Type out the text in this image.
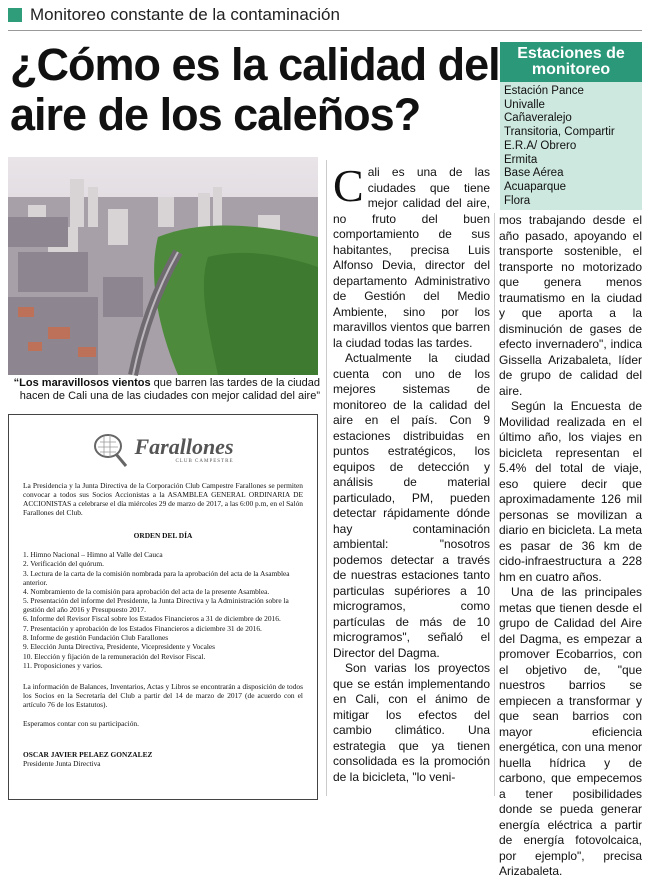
Monitoreo constante de la contaminación
¿Cómo es la calidad del aire de los caleños?
Estaciones de monitoreo
Estación Pance
Univalle
Cañaveralejo
Transitoria, Compartir
E.R.A/ Obrero
Ermita
Base Aérea
Acuaparque
Flora

“Los maravillosos vientos que barren las tardes de la ciudad hacen de Cali una de las ciudades con mejor calidad del aire”

Farallones
CLUB CAMPESTRE

La Presidencia y la Junta Directiva de la Corporación Club Campestre Farallones se permiten convocar a todos sus Socios Accionistas a la ASAMBLEA GENERAL ORDINARIA DE ACCIONISTAS a celebrarse el día miércoles 29 de marzo de 2017, a las 6:00 p.m, en el Salón Farallones del Club.

ORDEN DEL DÍA

1. Himno Nacional – Himno al Valle del Cauca
2. Verificación del quórum.
3. Lectura de la carta de la comisión nombrada para la aprobación del acta de la Asamblea anterior.
4. Nombramiento de la comisión para aprobación del acta de la presente Asamblea.
5. Presentación del informe del Presidente, la Junta Directiva y la Administración sobre la gestión del año 2016 y Presupuesto 2017.
6. Informe del Revisor Fiscal sobre los Estados Financieros a 31 de diciembre de 2016.
7. Presentación y aprobación de los Estados Financieros a diciembre 31 de 2016.
8. Informe de gestión Fundación Club Farallones
9. Elección Junta Directiva, Presidente, Vicepresidente y Vocales
10. Elección y fijación de la remuneración del Revisor Fiscal.
11. Proposiciones y varios.

La información de Balances, Inventarios, Actas y Libros se encontrarán a disposición de todos los Socios en la Secretaría del Club a partir del 14 de marzo de 2017 (de acuerdo con el artículo 76 de los Estatutos).

Esperamos contar con su participación.

OSCAR JAVIER PELAEZ GONZALEZ

Presidente Junta Directiva

Cali es una de las ciudades que tiene mejor calidad del aire, no fruto del buen comportamiento de sus habitantes, precisa Luis Alfonso Devia, director del departamento Administrativo de Gestión del Medio Ambiente, sino por los maravillos vientos que barren la ciudad todas las tardes.

Actualmente la ciudad cuenta con uno de los mejores sistemas de monitoreo de la calidad del aire en el país. Con 9 estaciones distribuidas en puntos estratégicos, los equipos de detección y análisis de material particulado, PM, pueden detectar rápidamente dónde hay contaminación ambiental: "nosotros podemos detectar a través de nuestras estaciones tanto particulas supériores a 10 microgramos, como partículas de más de 10 microgramos", señaló el Director del Dagma.

Son varias los proyectos que se están implementando en Cali, con el ánimo de mitigar los efectos del cambio climático. Una estrategia que ya tienen consolidada es la promoción de la bicicleta, "lo veni-

mos trabajando desde el año pasado, apoyando el transporte sostenible, el transporte no motorizado que genera menos traumatismo en la ciudad y que aporta a la disminución de gases de efecto invernadero", indica Gissella Arizabaleta, líder de grupo de calidad del aire.

Según la Encuesta de Movilidad realizada en el último año, los viajes en bicicleta representan el 5.4% del total de viaje, eso quiere decir que aproximadamente 126 mil personas se movilizan a diario en bicicleta. La meta es pasar de 36 km de cido-infraestructura a 228 hm en cuatro años.

Una de las principales metas que tienen desde el grupo de Calidad del Aire del Dagma, es empezar a promover Ecobarrios, con el objetivo de, "que nuestros barrios se empiecen a transformar y que sean barrios con mayor eficiencia energética, con una menor huella hídrica y de carbono, que empecemos a tener posibilidades donde se pueda generar energía eléctrica a partir de energía fotovolcaica, por ejemplo", precisa Arizabaleta.
